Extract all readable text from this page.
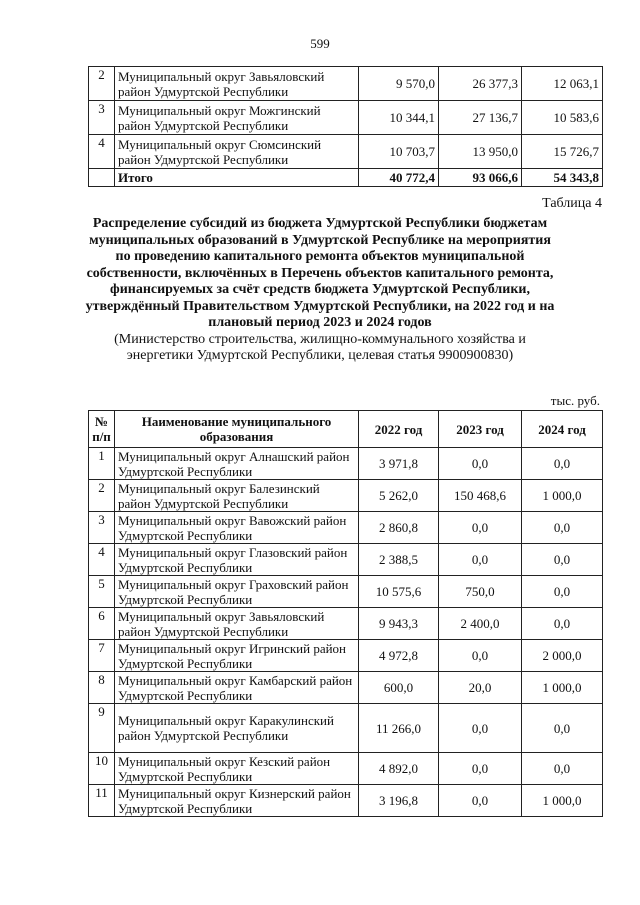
599
2	Муниципальный округ Завьяловский район Удмуртской Республики	9 570,0	26 377,3	12 063,1
3	Муниципальный округ Можгинский район Удмуртской Республики	10 344,1	27 136,7	10 583,6
4	Муниципальный округ Сюмсинский район Удмуртской Республики	10 703,7	13 950,0	15 726,7
	Итого	40 772,4	93 066,6	54 343,8
Таблица 4
Распределение субсидий из бюджета Удмуртской Республики бюджетам муниципальных образований в Удмуртской Республике на мероприятия по проведению капитального ремонта объектов муниципальной собственности, включённых в Перечень объектов капитального ремонта, финансируемых за счёт средств бюджета Удмуртской Республики, утверждённый Правительством Удмуртской Республики, на 2022 год и на плановый период 2023 и 2024 годов
(Министерство строительства, жилищно-коммунального хозяйства и энергетики Удмуртской Республики, целевая статья 9900900830)
тыс. руб.
№ п/п	Наименование муниципального образования	2022 год	2023 год	2024 год
1	Муниципальный округ Алнашский район Удмуртской Республики	3 971,8	0,0	0,0
2	Муниципальный округ Балезинский район Удмуртской Республики	5 262,0	150 468,6	1 000,0
3	Муниципальный округ Вавожский район Удмуртской Республики	2 860,8	0,0	0,0
4	Муниципальный округ Глазовский район Удмуртской Республики	2 388,5	0,0	0,0
5	Муниципальный округ Граховский район Удмуртской Республики	10 575,6	750,0	0,0
6	Муниципальный округ Завьяловский район Удмуртской Республики	9 943,3	2 400,0	0,0
7	Муниципальный округ Игринский район Удмуртской Республики	4 972,8	0,0	2 000,0
8	Муниципальный округ Камбарский район Удмуртской Республики	600,0	20,0	1 000,0
9	Муниципальный округ Каракулинский район Удмуртской Республики	11 266,0	0,0	0,0
10	Муниципальный округ Кезский район Удмуртской Республики	4 892,0	0,0	0,0
11	Муниципальный округ Кизнерский район Удмуртской Республики	3 196,8	0,0	1 000,0
